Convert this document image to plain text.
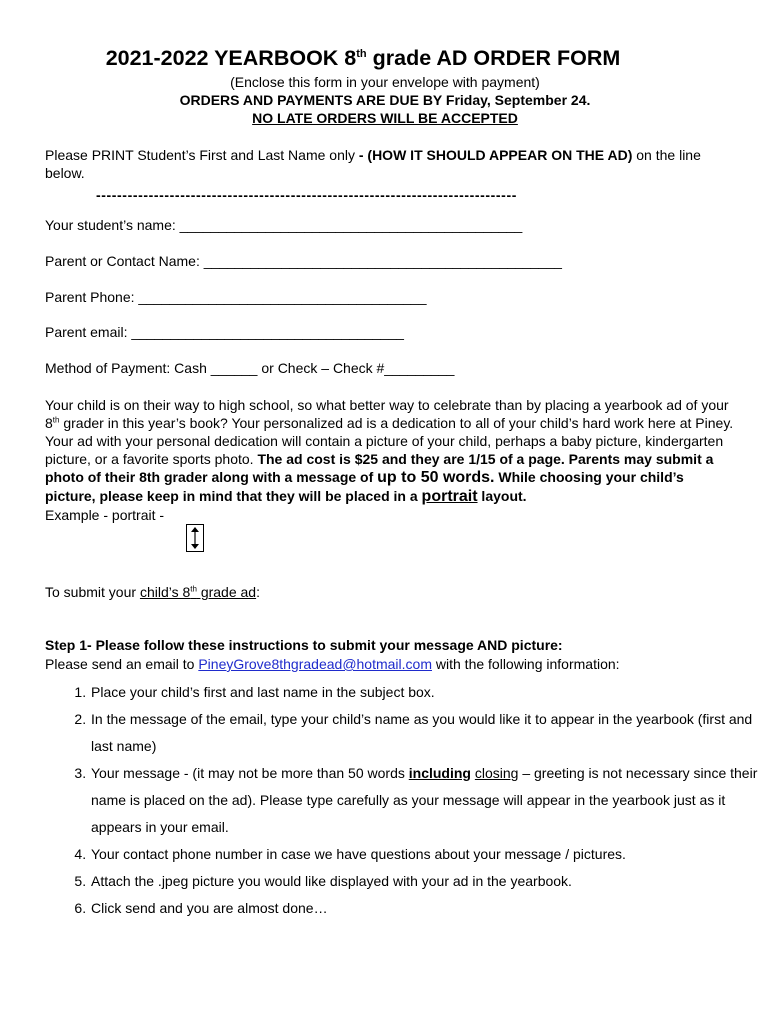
2021-2022 YEARBOOK 8th grade AD ORDER FORM
(Enclose this form in your envelope with payment)
ORDERS AND PAYMENTS ARE DUE BY Friday, September 24.
NO LATE ORDERS WILL BE ACCEPTED
Please PRINT Student’s First and Last Name only - (HOW IT SHOULD APPEAR ON THE AD) on the line below.
--------------------------------------------------------------------------------
Your student’s name: ____________________________________________
Parent or Contact Name: ______________________________________________
Parent Phone: _____________________________________
Parent email: ___________________________________
Method of Payment: Cash ______ or Check – Check #_________
Your child is on their way to high school, so what better way to celebrate than by placing a yearbook ad of your 8th grader in this year’s book? Your personalized ad is a dedication to all of your child’s hard work here at Piney. Your ad with your personal dedication will contain a picture of your child, perhaps a baby picture, kindergarten picture, or a favorite sports photo. The ad cost is $25 and they are 1/15 of a page. Parents may submit a photo of their 8th grader along with a message of up to 50 words. While choosing your child’s picture, please keep in mind that they will be placed in a portrait layout.
Example - portrait -
To submit your child’s 8th grade ad:
Step 1- Please follow these instructions to submit your message AND picture:
Please send an email to PineyGrove8thgradead@hotmail.com with the following information:
1. Place your child’s first and last name in the subject box.
2. In the message of the email, type your child’s name as you would like it to appear in the yearbook (first and last name)
3. Your message - (it may not be more than 50 words including closing – greeting is not necessary since their name is placed on the ad). Please type carefully as your message will appear in the yearbook just as it appears in your email.
4. Your contact phone number in case we have questions about your message / pictures.
5. Attach the .jpeg picture you would like displayed with your ad in the yearbook.
6. Click send and you are almost done…
